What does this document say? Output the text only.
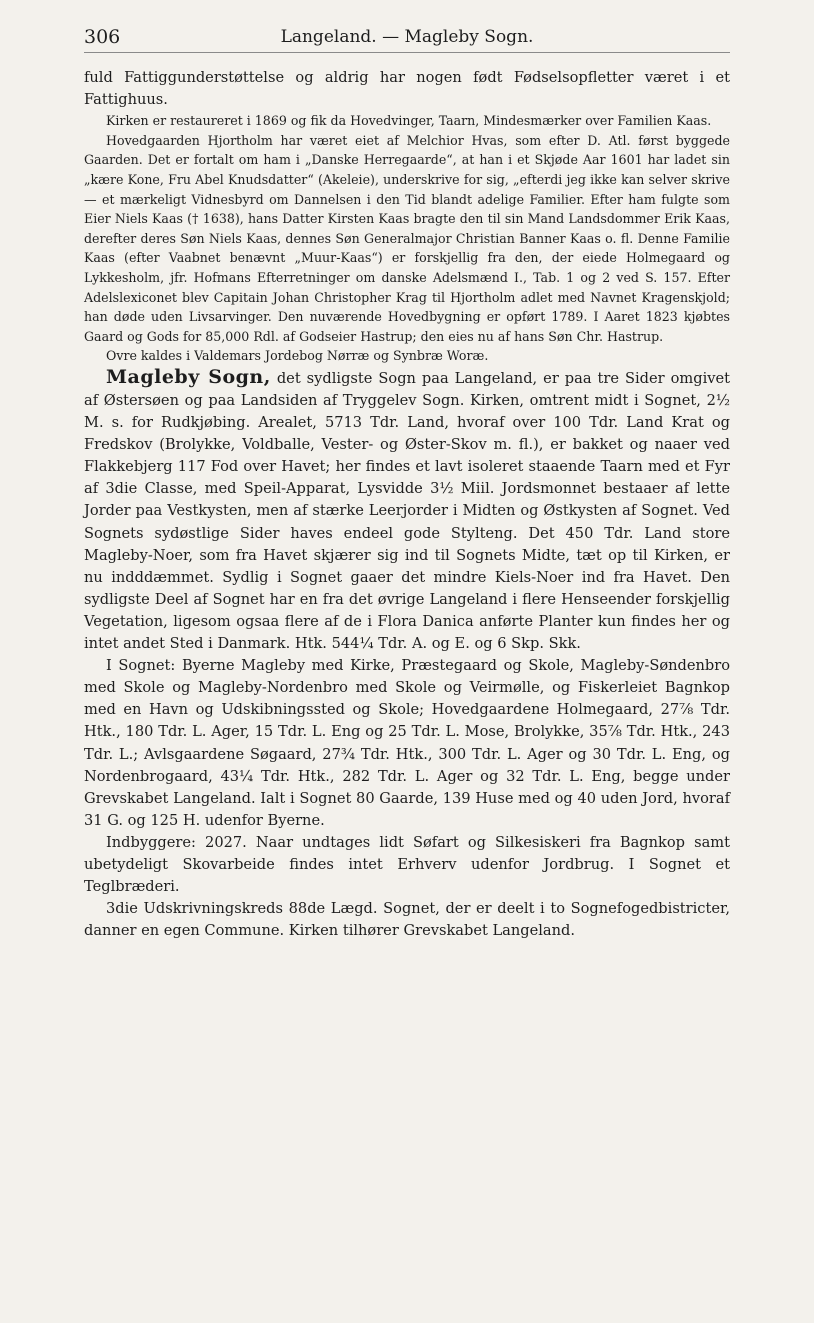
306	Langeland. — Magleby Sogn.

fuld Fattiggunderstøttelse og aldrig har nogen født Fødselsopfletter været i et Fattighuus.

Kirken er restaureret i 1869 og fik da Hovedvinger, Taarn, Mindesmærker over Familien Kaas.

Hovedgaarden Hjortholm har været eiet af Melchior Hvas, som efter D. Atl. først byggede Gaarden. Det er fortalt om ham i „Danske Herregaarde“, at han i et Skjøde Aar 1601 har ladet sin „kære Kone, Fru Abel Knudsdatter“ (Akeleie), underskrive for sig, „efterdi jeg ikke kan selver skrive — et mærkeligt Vidnesbyrd om Dannelsen i den Tid blandt adelige Familier. Efter ham fulgte som Eier Niels Kaas († 1638), hans Datter Kirsten Kaas bragte den til sin Mand Landsdommer Erik Kaas, derefter deres Søn Niels Kaas, dennes Søn Generalmajor Christian Banner Kaas o. fl. Denne Familie Kaas (efter Vaabnet benævnt „Muur-Kaas“) er forskjellig fra den, der eiede Holmegaard og Lykkesholm, jfr. Hofmans Efterretninger om danske Adelsmænd I., Tab. 1 og 2 ved S. 157. Efter Adelslexiconet blev Capitain Johan Christopher Krag til Hjortholm adlet med Navnet Kragenskjold; han døde uden Livsarvinger. Den nuværende Hovedbygning er opført 1789. I Aaret 1823 kjøbtes Gaard og Gods for 85,000 Rdl. af Godseier Hastrup; den eies nu af hans Søn Chr. Hastrup.

Ovre kaldes i Valdemars Jordebog Nørræ og Synbræ Woræ.

Magleby Sogn, det sydligste Sogn paa Langeland, er paa tre Sider omgivet af Østersøen og paa Landsiden af Tryggelev Sogn. Kirken, omtrent midt i Sognet, 2½ M. s. for Rudkjøbing. Arealet, 5713 Tdr. Land, hvoraf over 100 Tdr. Land Krat og Fredskov (Brolykke, Voldballe, Vester- og Øster-Skov m. fl.), er bakket og naaer ved Flakkebjerg 117 Fod over Havet; her findes et lavt isoleret staaende Taarn med et Fyr af 3die Classe, med Speil-Apparat, Lysvidde 3½ Miil. Jordsmonnet bestaaer af lette Jorder paa Vestkysten, men af stærke Leerjorder i Midten og Østkysten af Sognet. Ved Sognets sydøstlige Sider haves endeel gode Stylteng. Det 450 Tdr. Land store Magleby-Noer, som fra Havet skjærer sig ind til Sognets Midte, tæt op til Kirken, er nu indddæmmet. Sydlig i Sognet gaaer det mindre Kiels-Noer ind fra Havet. Den sydligste Deel af Sognet har en fra det øvrige Langeland i flere Henseender forskjellig Vegetation, ligesom ogsaa flere af de i Flora Danica anførte Planter kun findes her og intet andet Sted i Danmark. Htk. 544¼ Tdr. A. og E. og 6 Skp. Skk.

I Sognet: Byerne Magleby med Kirke, Præstegaard og Skole, Magleby-Søndenbro med Skole og Magleby-Nordenbro med Skole og Veirmølle, og Fiskerleiet Bagnkop med en Havn og Udskibningssted og Skole; Hovedgaardene Holmegaard, 27⅞ Tdr. Htk., 180 Tdr. L. Ager, 15 Tdr. L. Eng og 25 Tdr. L. Mose, Brolykke, 35⅞ Tdr. Htk., 243 Tdr. L.; Avlsgaardene Søgaard, 27¾ Tdr. Htk., 300 Tdr. L. Ager og 30 Tdr. L. Eng, og Nordenbrogaard, 43¼ Tdr. Htk., 282 Tdr. L. Ager og 32 Tdr. L. Eng, begge under Grevskabet Langeland. Ialt i Sognet 80 Gaarde, 139 Huse med og 40 uden Jord, hvoraf 31 G. og 125 H. udenfor Byerne.

Indbyggere: 2027. Naar undtages lidt Søfart og Silkesiskeri fra Bagnkop samt ubetydeligt Skovarbeide findes intet Erhverv udenfor Jordbrug. I Sognet et Teglbræderi.

3die Udskrivningskreds 88de Lægd. Sognet, der er deelt i to Sognefogedbistricter, danner en egen Commune. Kirken tilhører Grevskabet Langeland.
